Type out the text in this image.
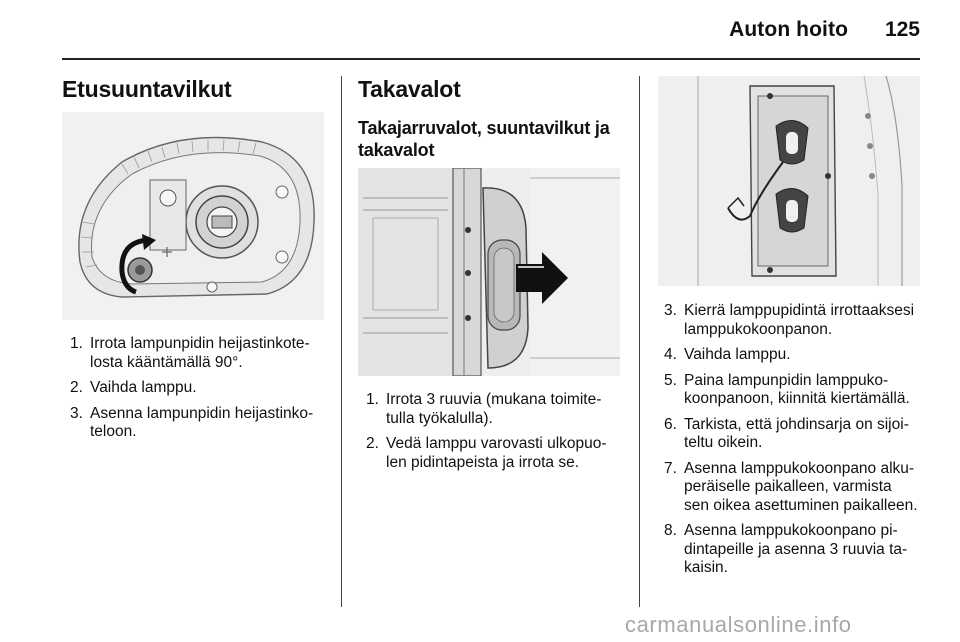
Auton hoito	125
Etusuuntavilkut
1. Irrota lampunpidin heijastinkote-
losta kääntämällä 90°.
2. Vaihda lamppu.
3. Asenna lampunpidin heijastinko-
teloon.
Takavalot
Takajarruvalot, suuntavilkut ja
takavalot
1. Irrota 3 ruuvia (mukana toimite-
tulla työkalulla).
2. Vedä lamppu varovasti ulkopuo-
len pidintapeista ja irrota se.
3. Kierrä lamppupidintä irrottaaksesi
lamppukokoonpanon.
4. Vaihda lamppu.
5. Paina lampunpidin lamppuko-
koonpanoon, kiinnitä kiertämällä.
6. Tarkista, että johdinsarja on sijoi-
teltu oikein.
7. Asenna lamppukokoonpano alku-
peräiselle paikalleen, varmista
sen oikea asettuminen paikalleen.
8. Asenna lamppukokoonpano pi-
dintapeille ja asenna 3 ruuvia ta-
kaisin.
carmanualsonline.info
